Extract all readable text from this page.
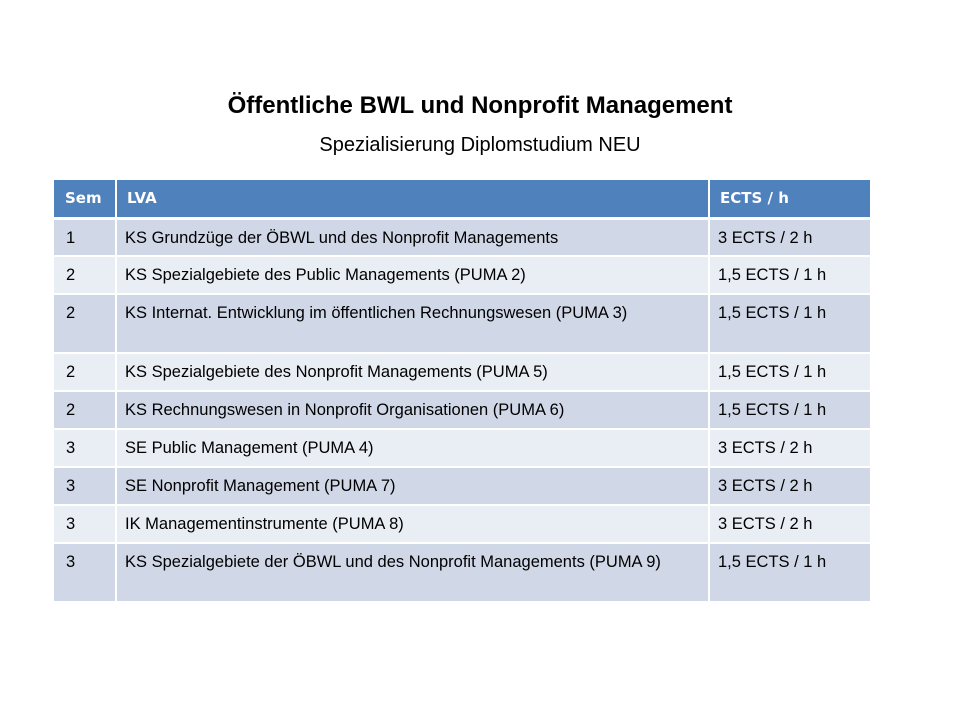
Öffentliche BWL und Nonprofit Management
Spezialisierung Diplomstudium NEU
Sem	LVA	ECTS / h
1	KS Grundzüge der ÖBWL und des Nonprofit Managements	3 ECTS / 2 h
2	KS Spezialgebiete des Public Managements (PUMA 2)	1,5 ECTS / 1 h
2	KS Internat. Entwicklung im öffentlichen Rechnungswesen (PUMA 3)	1,5 ECTS / 1 h
2	KS Spezialgebiete des Nonprofit Managements (PUMA 5)	1,5 ECTS / 1 h
2	KS Rechnungswesen in Nonprofit Organisationen (PUMA 6)	1,5 ECTS / 1 h
3	SE Public Management (PUMA 4)	3 ECTS / 2 h
3	SE Nonprofit Management (PUMA 7)	3 ECTS / 2 h
3	IK Managementinstrumente (PUMA 8)	3 ECTS / 2 h
3	KS Spezialgebiete der ÖBWL und des Nonprofit Managements (PUMA 9)	1,5 ECTS / 1 h
